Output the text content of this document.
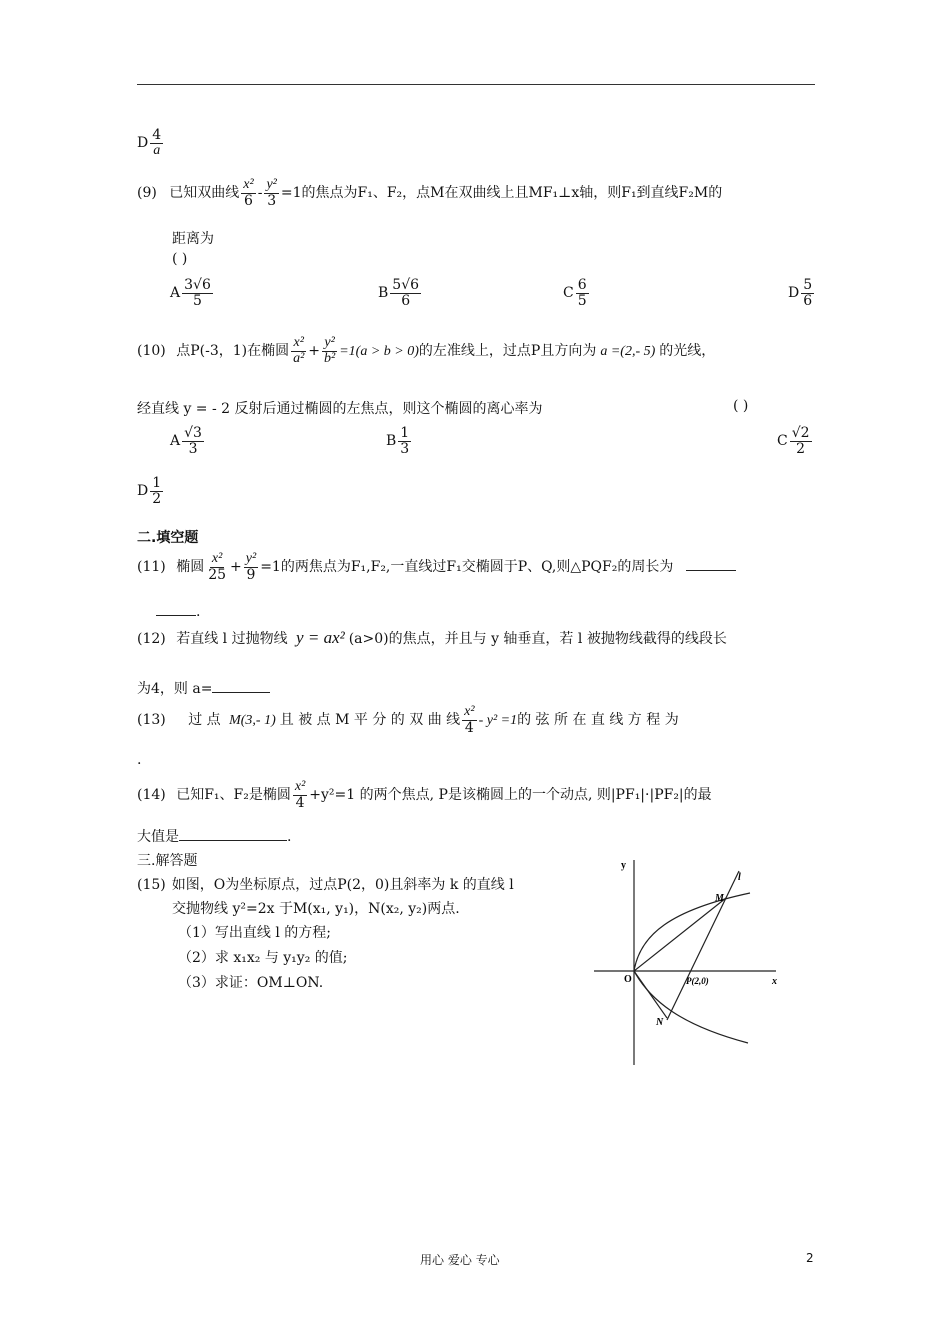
D $\frac{4}{a}$
(9) 已知双曲线 $\frac{\text{x²}}{6} - \frac{\text{y²}}{3} =1$的焦点为F₁、F₂，点M在双曲线上且MF₁⊥x轴，则F₁到直线F₂M的
距离为
( )
A $\frac{3√6}{5}$	B $\frac{5√6}{6}$	C $\frac{6}{5}$	D $\frac{5}{6}$
(10) 点P(-3，1)在椭圆 $\frac{\text{x²}}{\text{a²}} + \frac{\text{y²}}{\text{b²}} =1(a > b > 0)$的左准线上，过点P且方向为 a =(2,- 5) 的光线，
经直线 y = - 2 反射后通过椭圆的左焦点，则这个椭圆的离心率为	( )
A $\frac{√3}{3}$	B $\frac{1}{3}$	C $\frac{√2}{2}$
D $\frac{1}{2}$
二.填空题
(11) 椭圆 $\frac{\text{x²}}{25} + \frac{\text{y²}}{9} =1$的两焦点为F₁,F₂,一直线过F₁交椭圆于P、Q,则△PQF₂的周长为
.
(12) 若直线 l 过抛物线 y = ax² (a>0)的焦点，并且与 y 轴垂直，若 l 被抛物线截得的线段长
为4，则 a=
(13) 过 点 M(3,- 1) 且 被 点 M 平 分 的 双 曲 线 $\frac{\text{x²}}{4} - y^2 =1$的 弦 所 在 直 线 方 程 为
.
(14) 已知F₁、F₂是椭圆 $\frac{\text{x²}}{4} +y^2=1$ 的两个焦点, P是该椭圆上的一个动点, 则|PF₁|·|PF₂|的最
大值是	.
三.解答题
(15) 如图，O为坐标原点，过点P(2，0)且斜率为 k 的直线 l
交抛物线 y²=2x 于M(x₁, y₁)，N(x₂, y₂)两点.
（1）写出直线 l 的方程;
（2）求 x₁x₂ 与 y₁y₂ 的值;
（3）求证：OM⊥ON.
y
x
O
M
N
l
P(2,0)
用心 爱心 专心	2
